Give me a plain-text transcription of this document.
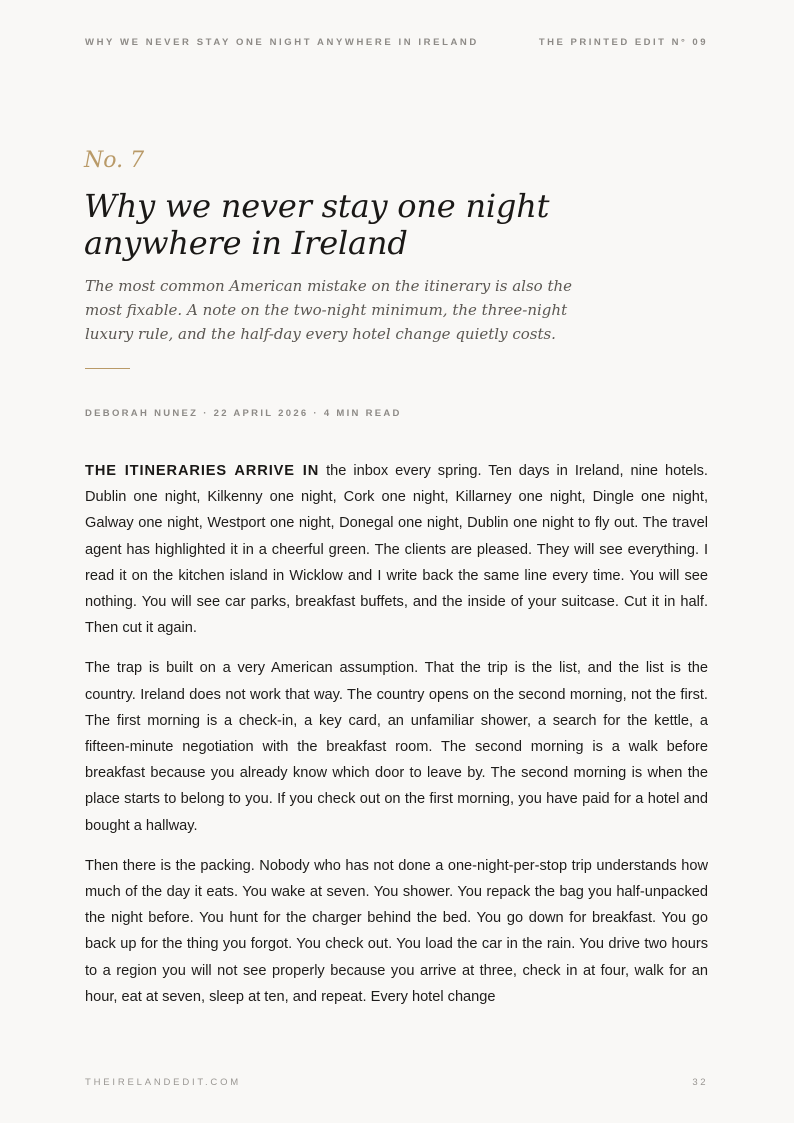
WHY WE NEVER STAY ONE NIGHT ANYWHERE IN IRELAND	THE PRINTED EDIT N° 09
No. 7
Why we never stay one night anywhere in Ireland

The most common American mistake on the itinerary is also the most fixable. A note on the two-night minimum, the three-night luxury rule, and the half-day every hotel change quietly costs.

DEBORAH NUNEZ · 22 APRIL 2026 · 4 MIN READ

THE ITINERARIES ARRIVE IN the inbox every spring. Ten days in Ireland, nine hotels. Dublin one night, Kilkenny one night, Cork one night, Killarney one night, Dingle one night, Galway one night, Westport one night, Donegal one night, Dublin one night to fly out. The travel agent has highlighted it in a cheerful green. The clients are pleased. They will see everything. I read it on the kitchen island in Wicklow and I write back the same line every time. You will see nothing. You will see car parks, breakfast buffets, and the inside of your suitcase. Cut it in half. Then cut it again.

The trap is built on a very American assumption. That the trip is the list, and the list is the country. Ireland does not work that way. The country opens on the second morning, not the first. The first morning is a check-in, a key card, an unfamiliar shower, a search for the kettle, a fifteen-minute negotiation with the breakfast room. The second morning is a walk before breakfast because you already know which door to leave by. The second morning is when the place starts to belong to you. If you check out on the first morning, you have paid for a hotel and bought a hallway.

Then there is the packing. Nobody who has not done a one-night-per-stop trip understands how much of the day it eats. You wake at seven. You shower. You repack the bag you half-unpacked the night before. You hunt for the charger behind the bed. You go down for breakfast. You go back up for the thing you forgot. You check out. You load the car in the rain. You drive two hours to a region you will not see properly because you arrive at three, check in at four, walk for an hour, eat at seven, sleep at ten, and repeat. Every hotel change

THEIRELANDEDIT.COM	32
